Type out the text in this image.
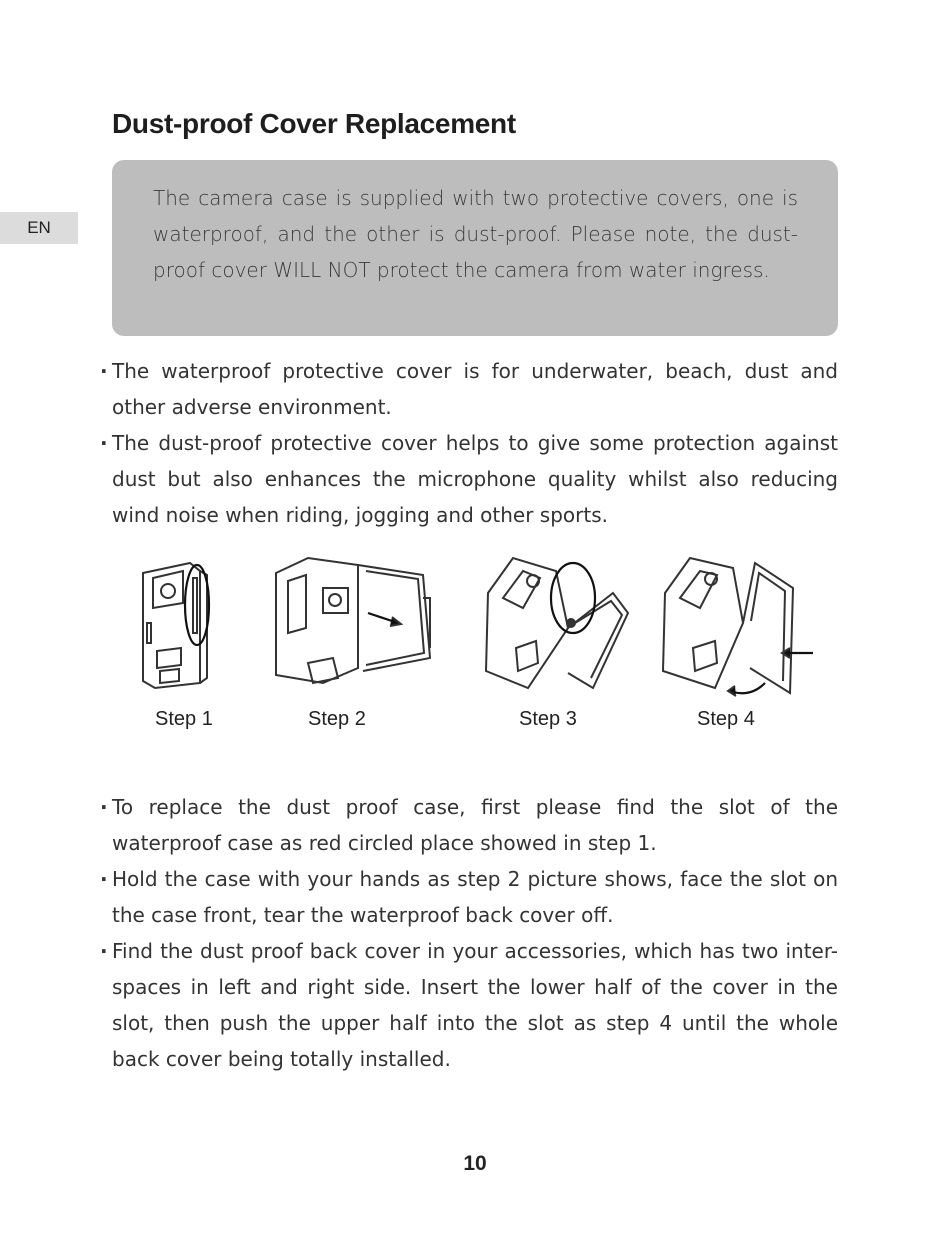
EN
Dust-proof Cover Replacement

The camera case is supplied with two protective covers, one is waterproof, and the other is dust-proof. Please note, the dust-proof cover WILL NOT protect the camera from water ingress.

· The waterproof protective cover is for underwater, beach, dust and other adverse environment.

· The dust-proof protective cover helps to give some protection against dust but also enhances the microphone quality whilst also reducing wind noise when riding, jogging and other sports.

Step 1	Step 2	Step 3	Step 4

· To replace the dust proof case, first please find the slot of the waterproof case as red circled place showed in step 1.

· Hold the case with your hands as step 2 picture shows, face the slot on the case front, tear the waterproof back cover off.

· Find the dust proof back cover in your accessories, which has two inter-spaces in left and right side. Insert the lower half of the cover in the slot, then push the upper half into the slot as step 4 until the whole back cover being totally installed.

10
